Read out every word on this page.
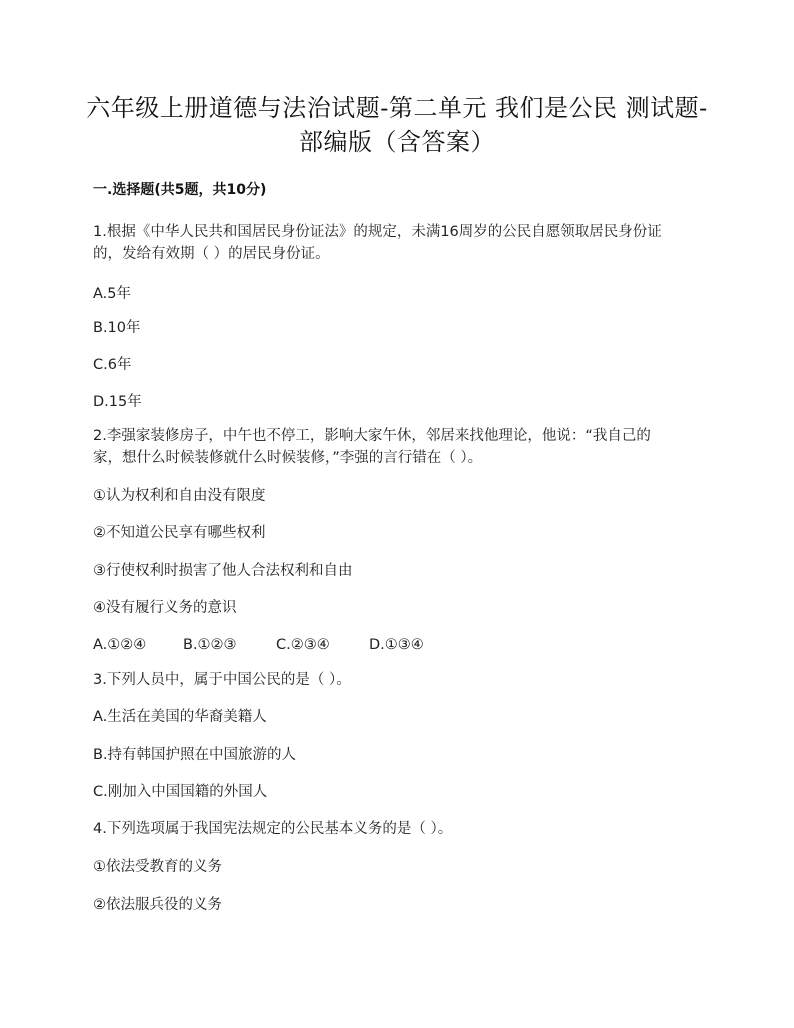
六年级上册道德与法治试题-第二单元 我们是公民 测试题-
部编版（含答案）
一.选择题(共5题，共10分)
1.根据《中华人民共和国居民身份证法》的规定，未满16周岁的公民自愿领取居民身份证
的，发给有效期（ ）的居民身份证。
A.5年
B.10年
C.6年
D.15年
2.李强家装修房子，中午也不停工，影响大家午休，邻居来找他理论，他说：“我自己的
家，想什么时候装修就什么时候装修，”李强的言行错在（ ）。
①认为权利和自由没有限度
②不知道公民享有哪些权利
③行使权利时损害了他人合法权利和自由
④没有履行义务的意识
A.①②④	B.①②③	C.②③④	D.①③④
3.下列人员中，属于中国公民的是（ ）。
A.生活在美国的华裔美籍人
B.持有韩国护照在中国旅游的人
C.刚加入中国国籍的外国人
4.下列选项属于我国宪法规定的公民基本义务的是（ ）。
①依法受教育的义务
②依法服兵役的义务
